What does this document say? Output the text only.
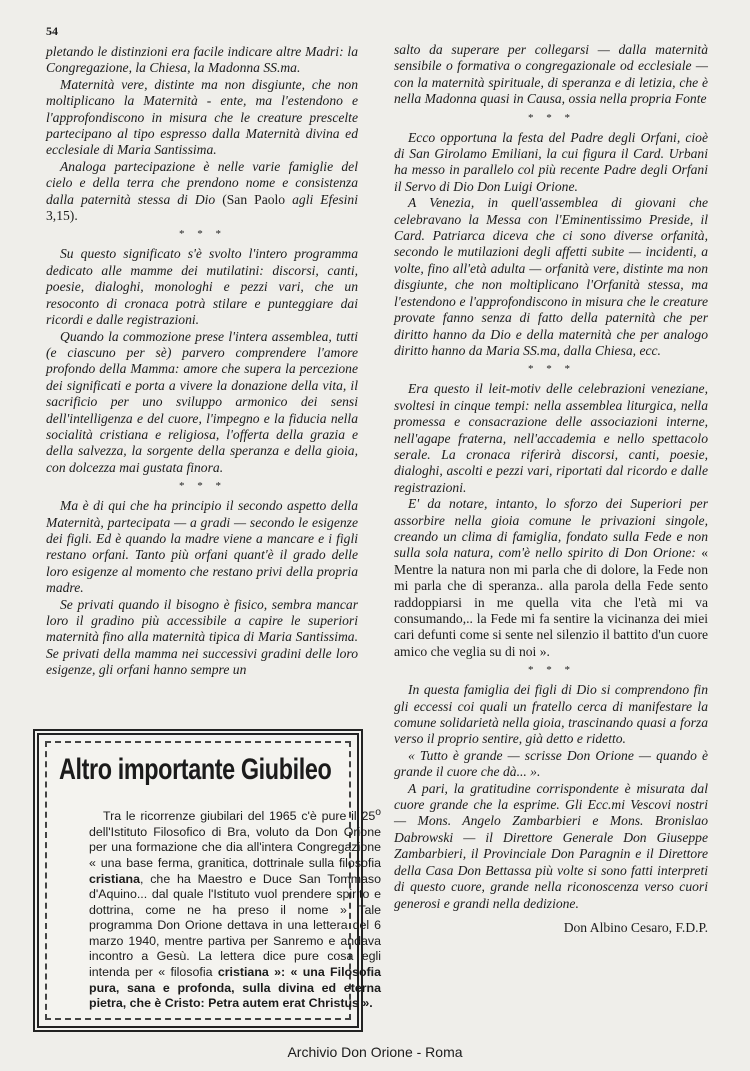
54

pletando le distinzioni era facile indicare altre Madri: la Congregazione, la Chiesa, la Madonna SS.ma.

Maternità vere, distinte ma non disgiunte, che non moltiplicano la Maternità - ente, ma l'estendono e l'approfondiscono in misura che le creature prescelte partecipano al tipo espresso dalla Maternità divina ed ecclesiale di Maria Santissima.

Analoga partecipazione è nelle varie famiglie del cielo e della terra che prendono nome e consistenza dalla paternità stessa di Dio (San Paolo agli Efesini 3,15).

* * *

Su questo significato s'è svolto l'intero programma dedicato alle mamme dei mutilatini: discorsi, canti, poesie, dialoghi, monologhi e pezzi vari, che un resoconto di cronaca potrà stilare e punteggiare dai ricordi e dalle registrazioni.

Quando la commozione prese l'intera assemblea, tutti (e ciascuno per sè) parvero comprendere l'amore profondo della Mamma: amore che supera la percezione dei significati e porta a vivere la donazione della vita, il sacrificio per uno sviluppo armonico dei sensi dell'intelligenza e del cuore, l'impegno e la fiducia nella socialità cristiana e religiosa, l'offerta della grazia e della salvezza, la sorgente della speranza e della gioia, con dolcezza mai gustata finora.

* * *

Ma è di qui che ha principio il secondo aspetto della Maternità, partecipata — a gradi — secondo le esigenze dei figli. Ed è quando la madre viene a mancare e i figli restano orfani. Tanto più orfani quant'è il grado delle loro esigenze al momento che restano privi della propria madre.

Se privati quando il bisogno è fisico, sembra mancar loro il gradino più accessibile a capire le superiori maternità fino alla maternità tipica di Maria Santissima. Se privati della mamma nei successivi gradini delle loro esigenze, gli orfani hanno sempre un

Altro importante Giubileo

Tra le ricorrenze giubilari del 1965 c'è pure il 25$^o$ dell'Istituto Filosofico di Bra, voluto da Don Orione per una formazione che dia all'intera Congregazione « una base ferma, granitica, dottrinale sulla filosofia cristiana, che ha Maestro e Duce San Tommaso d'Aquino... dal quale l'Istituto vuol prendere spirito e dottrina, come ne ha preso il nome » Tale programma Don Orione dettava in una lettera del 6 marzo 1940, mentre partiva per Sanremo e andava incontro a Gesù. La lettera dice pure cosa egli intenda per « filosofia cristiana »: « una Filosofia pura, sana e profonda, sulla divina ed eterna pietra, che è Cristo: Petra autem erat Christus ».

salto da superare per collegarsi — dalla maternità sensibile o formativa o congregazionale od ecclesiale — con la maternità spirituale, di speranza e di letizia, che è nella Madonna quasi in Causa, ossia nella propria Fonte

* * *

Ecco opportuna la festa del Padre degli Orfani, cioè di San Girolamo Emiliani, la cui figura il Card. Urbani ha messo in parallelo col più recente Padre degli Orfani il Servo di Dio Don Luigi Orione.

A Venezia, in quell'assemblea di giovani che celebravano la Messa con l'Eminentissimo Preside, il Card. Patriarca diceva che ci sono diverse orfanità, secondo le mutilazioni degli affetti subite — incidenti, a volte, fino all'età adulta — orfanità vere, distinte ma non disgiunte, che non moltiplicano l'Orfanità stessa, ma l'estendono e l'approfondiscono in misura che le creature provate fanno senza di fatto della paternità che per diritto hanno da Dio e della maternità che per analogo diritto hanno da Maria SS.ma, dalla Chiesa, ecc.

* * *

Era questo il leit-motiv delle celebrazioni veneziane, svoltesi in cinque tempi: nella assemblea liturgica, nella promessa e consacrazione delle associazioni interne, nell'agape fraterna, nell'accademia e nello spettacolo serale. La cronaca riferirà discorsi, canti, poesie, dialoghi, ascolti e pezzi vari, riportati dal ricordo e dalle registrazioni.

E' da notare, intanto, lo sforzo dei Superiori per assorbire nella gioia comune le privazioni singole, creando un clima di famiglia, fondato sulla Fede e non sulla sola natura, com'è nello spirito di Don Orione: « Mentre la natura non mi parla che di dolore, la Fede non mi parla che di speranza.. alla parola della Fede sento raddoppiarsi in me quella vita che l'età mi va consumando,.. la Fede mi fa sentire la vicinanza dei miei cari defunti come si sente nel silenzio il battito d'un cuore amico che veglia su di noi ».

* * *

In questa famiglia dei figli di Dio si comprendono fin gli eccessi coi quali un fratello cerca di manifestare la comune solidarietà nella gioia, trascinando quasi a forza verso il proprio sentire, già detto e ridetto.

« Tutto è grande — scrisse Don Orione — quando è grande il cuore che dà... ».

A pari, la gratitudine corrispondente è misurata dal cuore grande che la esprime. Gli Ecc.mi Vescovi nostri — Mons. Angelo Zambarbieri e Mons. Bronislao Dabrowski — il Direttore Generale Don Giuseppe Zambarbieri, il Provinciale Don Paragnin e il Direttore della Casa Don Bettassa più volte si sono fatti interpreti di questo cuore, grande nella riconoscenza verso cuori generosi e grandi nella dedizione.

Don Albino Cesaro, F.D.P.
Archivio Don Orione - Roma
